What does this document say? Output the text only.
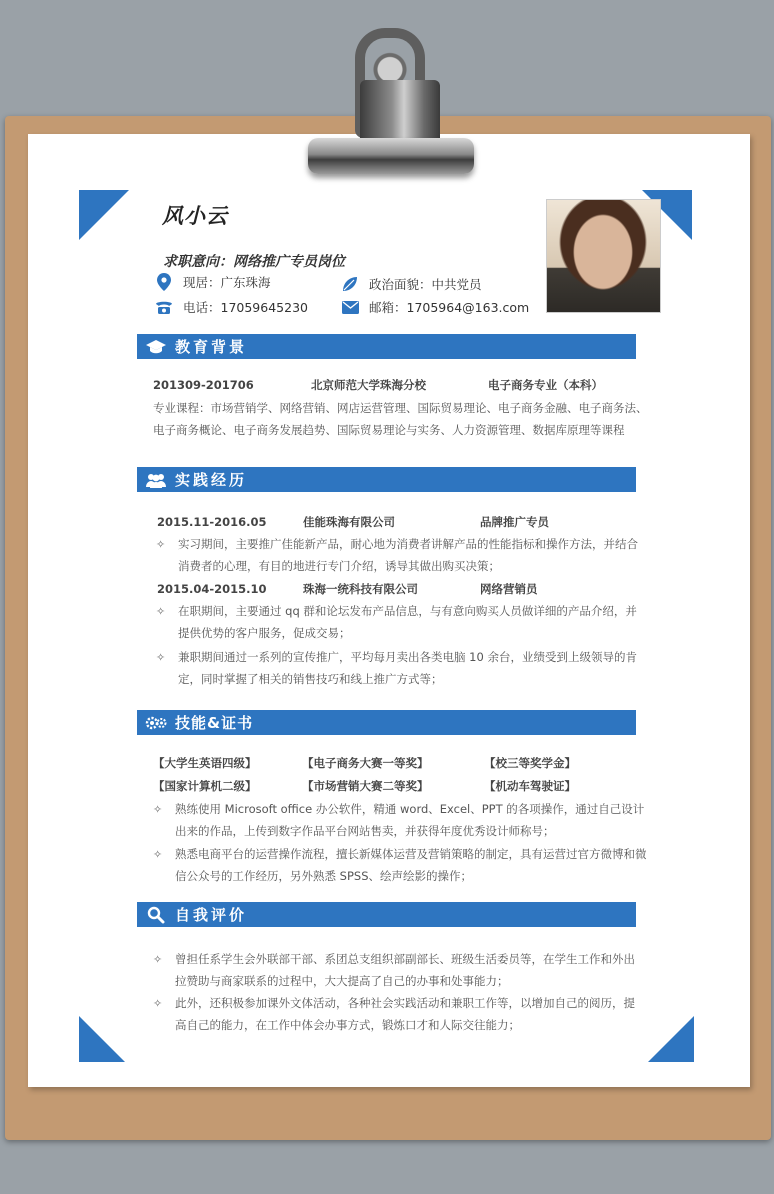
风小云
求职意向：网络推广专员岗位
现居：广东珠海	政治面貌：中共党员
电话：17059645230	邮箱：1705964@163.com
教育背景
201309-201706	北京师范大学珠海分校	电子商务专业（本科）
专业课程：市场营销学、网络营销、网店运营管理、国际贸易理论、电子商务金融、电子商务法、
电子商务概论、电子商务发展趋势、国际贸易理论与实务、人力资源管理、数据库原理等课程
实践经历
2015.11-2016.05	佳能珠海有限公司	品牌推广专员
✧ 实习期间，主要推广佳能新产品，耐心地为消费者讲解产品的性能指标和操作方法，并结合
消费者的心理，有目的地进行专门介绍，诱导其做出购买决策；
2015.04-2015.10	珠海一统科技有限公司	网络营销员
✧ 在职期间，主要通过 qq 群和论坛发布产品信息，与有意向购买人员做详细的产品介绍，并
提供优势的客户服务，促成交易；
✧ 兼职期间通过一系列的宣传推广，平均每月卖出各类电脑 10 余台，业绩受到上级领导的肯
定，同时掌握了相关的销售技巧和线上推广方式等；
技能&证书
【大学生英语四级】	【电子商务大赛一等奖】	【校三等奖学金】
【国家计算机二级】	【市场营销大赛二等奖】	【机动车驾驶证】
✧ 熟练使用 Microsoft office 办公软件，精通 word、Excel、PPT 的各项操作，通过自己设计
出来的作品，上传到数字作品平台网站售卖，并获得年度优秀设计师称号；
✧ 熟悉电商平台的运营操作流程，擅长新媒体运营及营销策略的制定，具有运营过官方微博和微
信公众号的工作经历，另外熟悉 SPSS、绘声绘影的操作；
自我评价
✧ 曾担任系学生会外联部干部、系团总支组织部副部长、班级生活委员等，在学生工作和外出
拉赞助与商家联系的过程中，大大提高了自己的办事和处事能力；
✧ 此外，还积极参加课外文体活动，各种社会实践活动和兼职工作等，以增加自己的阅历，提
高自己的能力，在工作中体会办事方式，锻炼口才和人际交往能力；
